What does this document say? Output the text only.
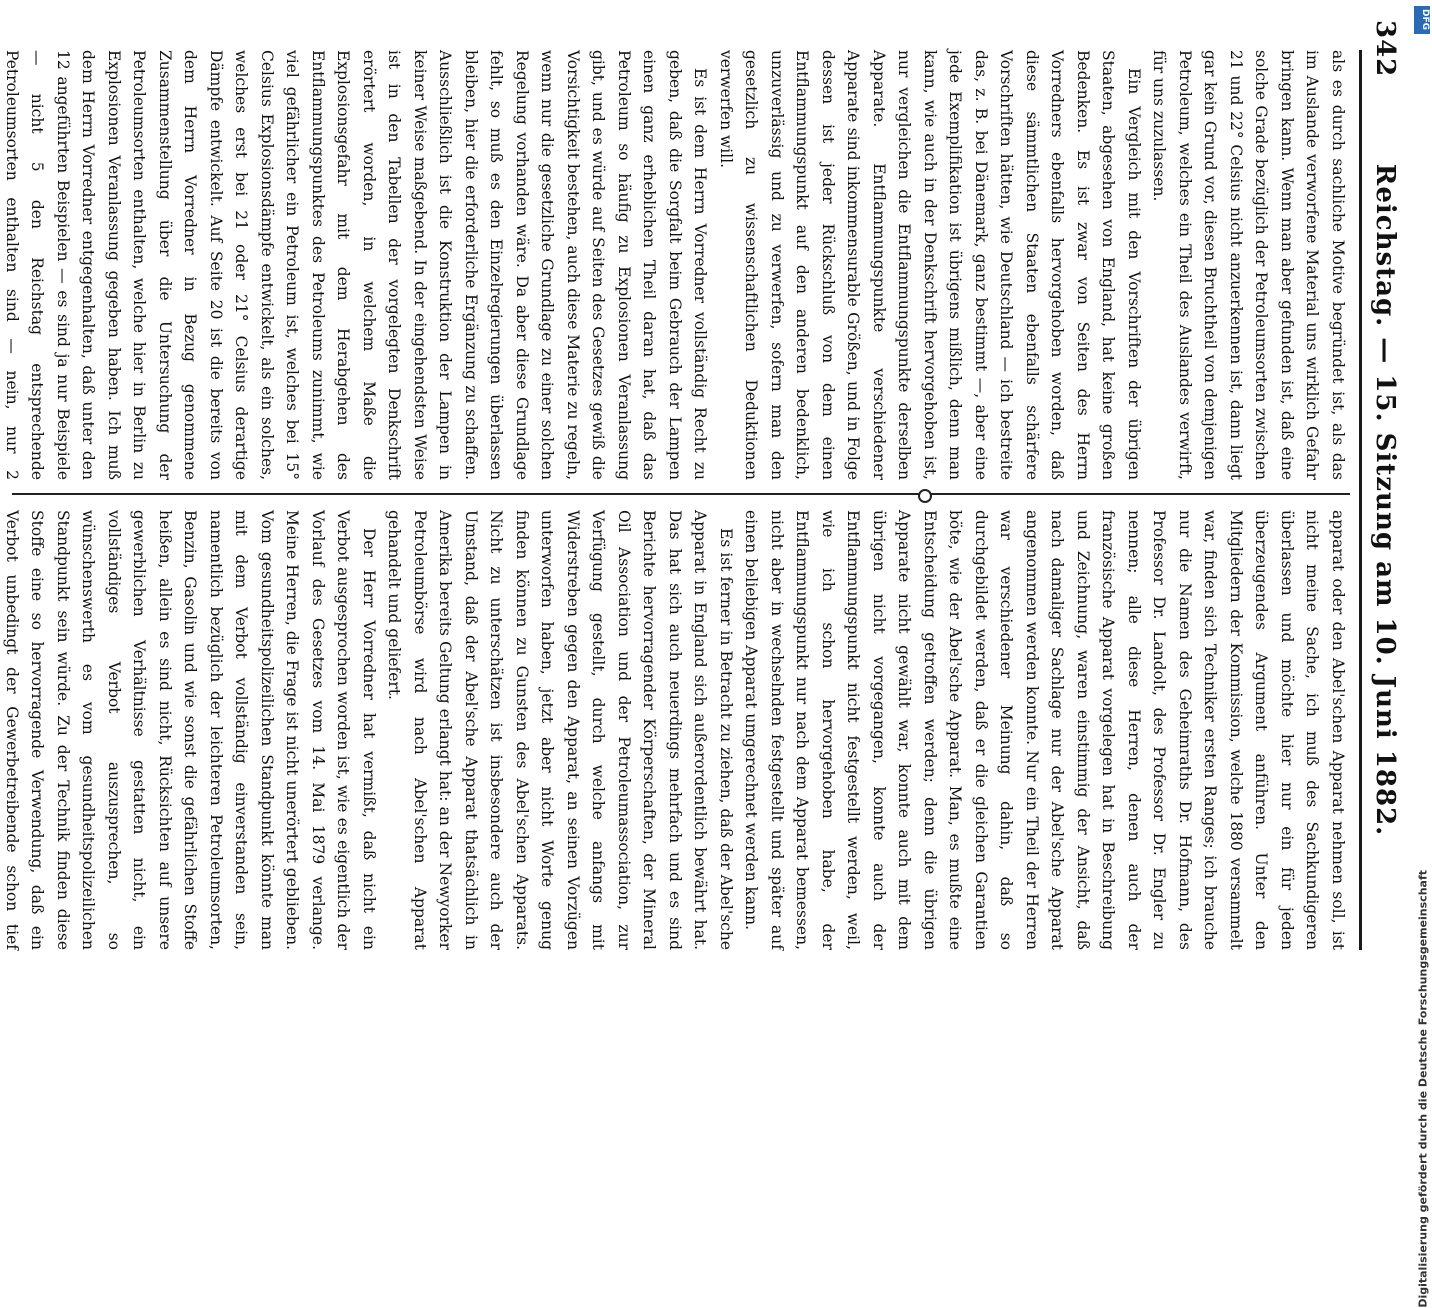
342
Reichstag. — 15. Sitzung am 10. Juni 1882.

als es durch sachliche Motive begründet ist, als das im Auslande verworfene Material uns wirklich Gefahr bringen kann. Wenn man aber gefunden ist, daß eine solche Grade bezüglich der Petroleumsorten zwischen 21 und 22° Celsius nicht anzuerkennen ist, dann liegt gar kein Grund vor, diesen Bruchtheil von demjenigen Petroleum, welches ein Theil des Auslandes verwirft, für uns zuzulassen.

Ein Vergleich mit den Vorschriften der übrigen Staaten, abgesehen von England, hat keine großen Bedenken. Es ist zwar von Seiten des Herrn Vorredners ebenfalls hervorgehoben worden, daß diese sämmtlichen Staaten ebenfalls schärfere Vorschriften hätten, wie Deutschland — ich bestreite das, z. B. bei Dänemark, ganz bestimmt —, aber eine jede Exemplifikation ist übrigens mißlich, denn man kann, wie auch in der Denkschrift hervorgehoben ist, nur vergleichen die Entflammungspunkte derselben Apparate. Entflammungspunkte verschiedener Apparate sind inkommensurable Größen, und in Folge dessen ist jeder Rückschluß von dem einen Entflammungspunkt auf den anderen bedenklich, unzuverlässig und zu verwerfen, sofern man den gesetzlich zu wissenschaftlichen Deduktionen verwerfen will.

Es ist dem Herrn Vorredner vollständig Recht zu geben, daß die Sorgfalt beim Gebrauch der Lampen einen ganz erheblichen Theil daran hat, daß das Petroleum so häufig zu Explosionen Veranlassung gibt, und es würde auf Seiten des Gesetzes gewiß die Vorsichtigkeit bestehen, auch diese Materie zu regeln, wenn nur die gesetzliche Grundlage zu einer solchen Regelung vorhanden wäre. Da aber diese Grundlage fehlt, so muß es den Einzelregierungen überlassen bleiben, hier die erforderliche Ergänzung zu schaffen. Ausschließlich ist die Konstruktion der Lampen in keiner Weise maßgebend. In der eingehendsten Weise ist in den Tabellen der vorgelegten Denkschrift erörtert worden, in welchem Maße die Explosionsgefahr mit dem Herabgehen des Entflammungspunktes des Petroleums zunimmt, wie viel gefährlicher ein Petroleum ist, welches bei 15° Celsius Explosionsdämpfe entwickelt, als ein solches, welches erst bei 21 oder 21° Celsius derartige Dämpfe entwickelt. Auf Seite 20 ist die bereits von dem Herrn Vorredner in Bezug genommene Zusammenstellung über die Untersuchung der Petroleumsorten enthalten, welche hier in Berlin zu Explosionen Veranlassung gegeben haben. Ich muß dem Herrn Vorredner entgegenhalten, daß unter den 12 angeführten Beispielen — es sind ja nur Beispiele — nicht 5 den Reichstag entsprechende Petroleumsorten enthalten sind — nein, nur 2

apparat oder den Abel'schen Apparat nehmen soll, ist nicht meine Sache, ich muß des Sachkundigeren überlassen und möchte hier nur ein für jeden überzeugendes Argument anführen. Unter den Mitgliedern der Kommission, welche 1880 versammelt war, finden sich Techniker ersten Ranges; ich brauche nur die Namen des Geheimraths Dr. Hofmann, des Professor Dr. Landolt, des Professor Dr. Engler zu nennen; alle diese Herren, denen auch der französische Apparat vorgelegen hat in Beschreibung und Zeichnung, waren einstimmig der Ansicht, daß nach damaliger Sachlage nur der Abel'sche Apparat angenommen werden konnte. Nur ein Theil der Herren war verschiedener Meinung dahin, daß so durchgebildet werden, daß er die gleichen Garantien böte, wie der Abel'sche Apparat. Man, es mußte eine Entscheidung getroffen werden; denn die übrigen Apparate nicht gewählt war, konnte auch mit dem übrigen nicht vorgegangen, konnte auch der Entflammungspunkt nicht festgestellt werden, weil, wie ich schon hervorgehoben habe, der Entflammungspunkt nur nach dem Apparat bemessen, nicht aber in wechselnden festgestellt und später auf einen beliebigen Apparat umgerechnet werden kann.

Es ist ferner in Betracht zu ziehen, daß der Abel'sche Apparat in England sich außerordentlich bewährt hat. Das hat sich auch neuerdings mehrfach und es sind Berichte hervorragender Körperschaften, der Mineral Oil Association und der Petroleumassociation, zur Verfügung gestellt, durch welche anfangs mit Widerstreben gegen den Apparat, an seinen Vorzügen unterworfen haben, jetzt aber nicht Worte genug finden können zu Gunsten des Abel'schen Apparats. Nicht zu unterschätzen ist insbesondere auch der Umstand, daß der Abel'sche Apparat thatsächlich in Amerika bereits Geltung erlangt hat: an der Newyorker Petroleumbörse wird nach Abel'schen Apparat gehandelt und geliefert.

Der Herr Vorredner hat vermißt, daß nicht ein Verbot ausgesprochen worden ist, wie es eigentlich der Vorlauf des Gesetzes vom 14. Mai 1879 verlange. Meine Herren, die Frage ist nicht unerörtert geblieben. Vom gesundheitspolizeilichen Standpunkt könnte man mit dem Verbot vollständig einverstanden sein, namentlich bezüglich der leichteren Petroleumsorten, Benzin, Gasolin und wie sonst die gefährlichen Stoffe heißen, allein es sind nicht, Rücksichten auf unsere gewerblichen Verhältnisse gestatten nicht, ein vollständiges Verbot auszusprechen, so wünschenswerth es vom gesundheitspolizeilichen Standpunkt sein würde. Zu der Technik finden diese Stoffe eine so hervorragende Verwendung, daß ein Verbot unbedingt der Gewerbetreibende schon tief

DFG
Digitalisierung gefördert durch die Deutsche Forschungsgemeinschaft
